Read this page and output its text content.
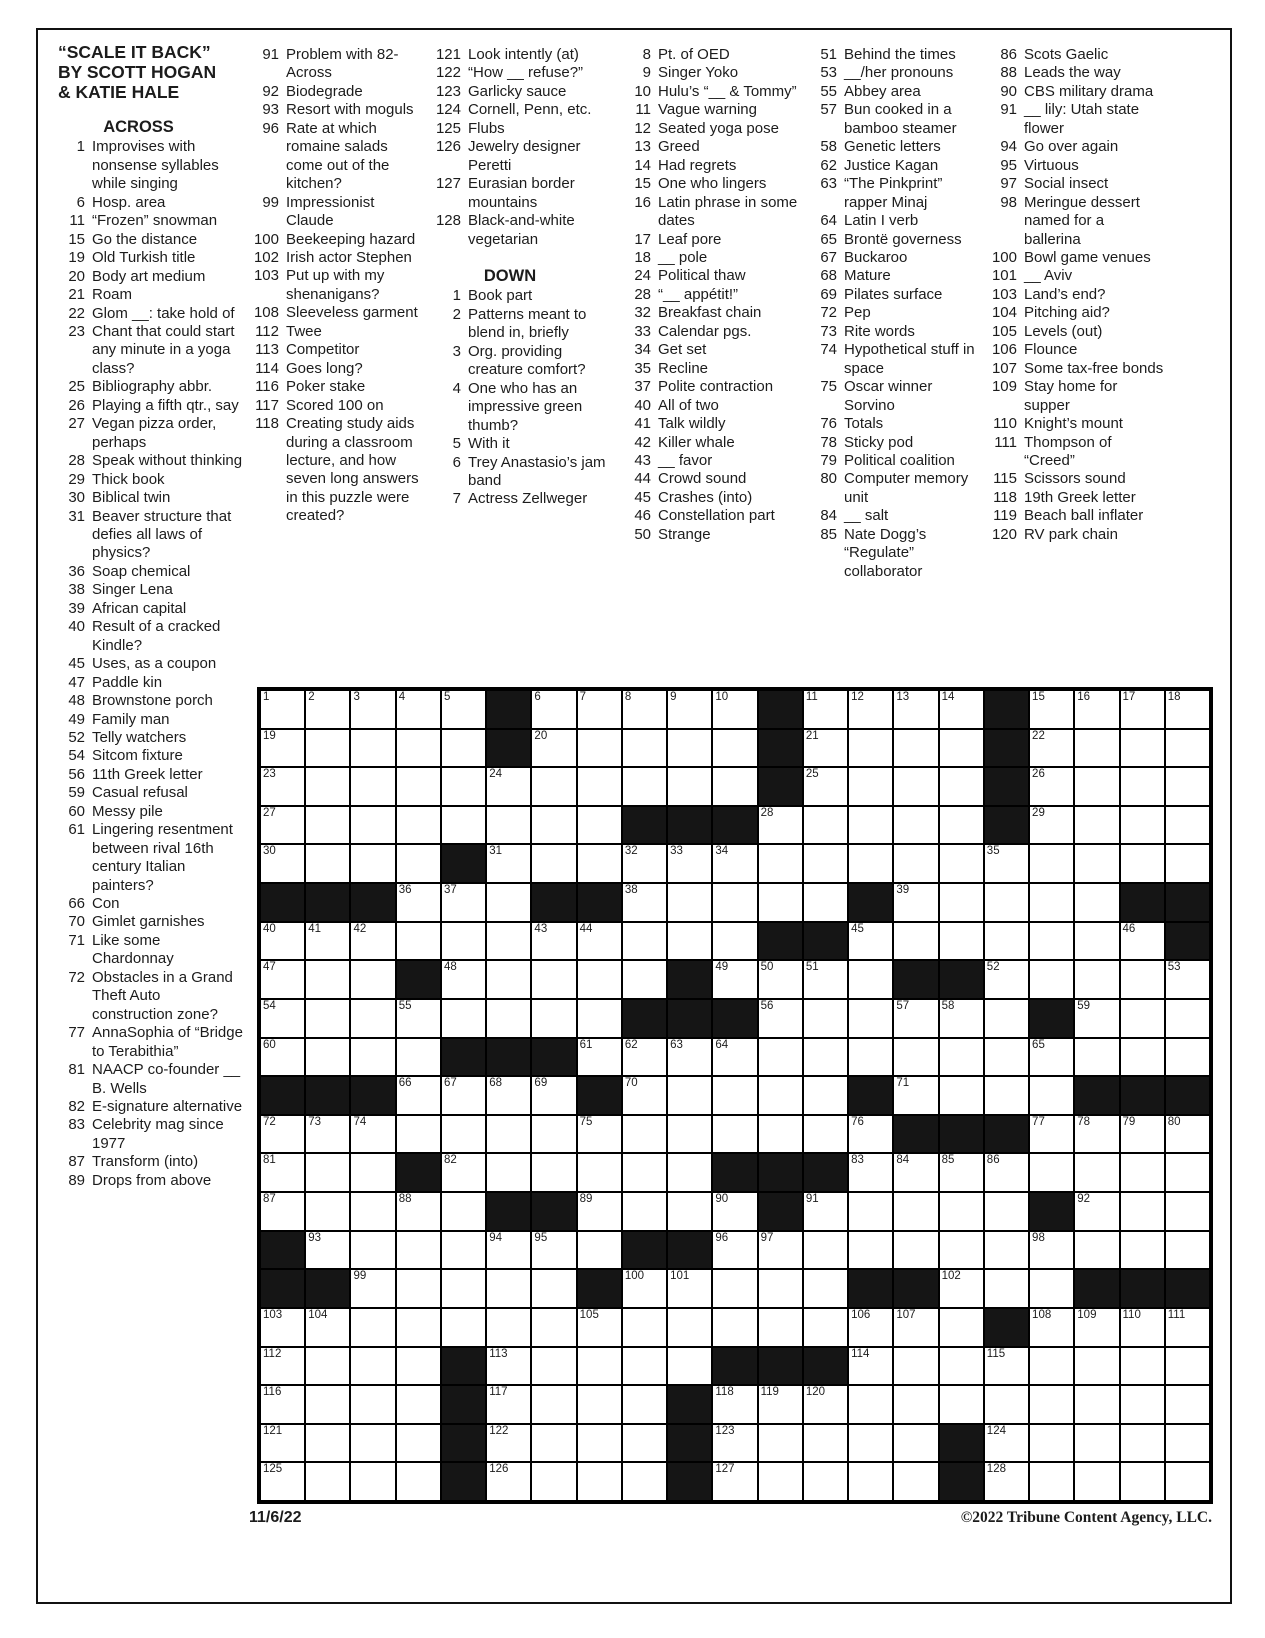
“SCALE IT BACK”
BY SCOTT HOGAN
& KATIE HALE
ACROSS
1 Improvises with nonsense syllables while singing
6 Hosp. area
11 “Frozen” snowman
15 Go the distance
19 Old Turkish title
20 Body art medium
21 Roam
22 Glom __: take hold of
23 Chant that could start any minute in a yoga class?
25 Bibliography abbr.
26 Playing a fifth qtr., say
27 Vegan pizza order, perhaps
28 Speak without thinking
29 Thick book
30 Biblical twin
31 Beaver structure that defies all laws of physics?
36 Soap chemical
38 Singer Lena
39 African capital
40 Result of a cracked Kindle?
45 Uses, as a coupon
47 Paddle kin
48 Brownstone porch
49 Family man
52 Telly watchers
54 Sitcom fixture
56 11th Greek letter
59 Casual refusal
60 Messy pile
61 Lingering resentment between rival 16th century Italian painters?
66 Con
70 Gimlet garnishes
71 Like some Chardonnay
72 Obstacles in a Grand Theft Auto construction zone?
77 AnnaSophia of “Bridge to Terabithia”
81 NAACP co-founder __ B. Wells
82 E-signature alternative
83 Celebrity mag since 1977
87 Transform (into)
89 Drops from above
91 Problem with 82-Across
92 Biodegrade
93 Resort with moguls
96 Rate at which romaine salads come out of the kitchen?
99 Impressionist Claude
100 Beekeeping hazard
102 Irish actor Stephen
103 Put up with my shenanigans?
108 Sleeveless garment
112 Twee
113 Competitor
114 Goes long?
116 Poker stake
117 Scored 100 on
118 Creating study aids during a classroom lecture, and how seven long answers in this puzzle were created?
121 Look intently (at)
122 “How __ refuse?”
123 Garlicky sauce
124 Cornell, Penn, etc.
125 Flubs
126 Jewelry designer Peretti
127 Eurasian border mountains
128 Black-and-white vegetarian
DOWN
1 Book part
2 Patterns meant to blend in, briefly
3 Org. providing creature comfort?
4 One who has an impressive green thumb?
5 With it
6 Trey Anastasio’s jam band
7 Actress Zellweger
8 Pt. of OED
9 Singer Yoko
10 Hulu’s “__ & Tommy”
11 Vague warning
12 Seated yoga pose
13 Greed
14 Had regrets
15 One who lingers
16 Latin phrase in some dates
17 Leaf pore
18 __ pole
24 Political thaw
28 “__ appétit!”
32 Breakfast chain
33 Calendar pgs.
34 Get set
35 Recline
37 Polite contraction
40 All of two
41 Talk wildly
42 Killer whale
43 __ favor
44 Crowd sound
45 Crashes (into)
46 Constellation part
50 Strange
51 Behind the times
53 __/her pronouns
55 Abbey area
57 Bun cooked in a bamboo steamer
58 Genetic letters
62 Justice Kagan
63 “The Pinkprint” rapper Minaj
64 Latin I verb
65 Brontë governess
67 Buckaroo
68 Mature
69 Pilates surface
72 Pep
73 Rite words
74 Hypothetical stuff in space
75 Oscar winner Sorvino
76 Totals
78 Sticky pod
79 Political coalition
80 Computer memory unit
84 __ salt
85 Nate Dogg’s “Regulate” collaborator
86 Scots Gaelic
88 Leads the way
90 CBS military drama
91 __ lily: Utah state flower
94 Go over again
95 Virtuous
97 Social insect
98 Meringue dessert named for a ballerina
100 Bowl game venues
101 __ Aviv
103 Land’s end?
104 Pitching aid?
105 Levels (out)
106 Flounce
107 Some tax-free bonds
109 Stay home for supper
110 Knight’s mount
111 Thompson of “Creed”
115 Scissors sound
118 19th Greek letter
119 Beach ball inflater
120 RV park chain
1	2	3	4	5	6	7	8	9	10	11	12	13	14	15	16	17	18
19	20	21	22
23	24	25	26
27	28	29
30	31	32	33	34	35
36	37	38	39
40	41	42	43	44	45	46
47	48	49	50	51	52	53
54	55	56	57	58	59
60	61	62	63	64	65
66	67	68	69	70	71
72	73	74	75	76	77	78	79	80
81	82	83	84	85	86
87	88	89	90	91	92
93	94	95	96	97	98
99	100 101	102
103 104	105	106 107	108 109 110 111
112	113	114	115
116	117	118 119 120
121	122	123	124
125	126	127	128
11/6/22	©2022 Tribune Content Agency, LLC.
